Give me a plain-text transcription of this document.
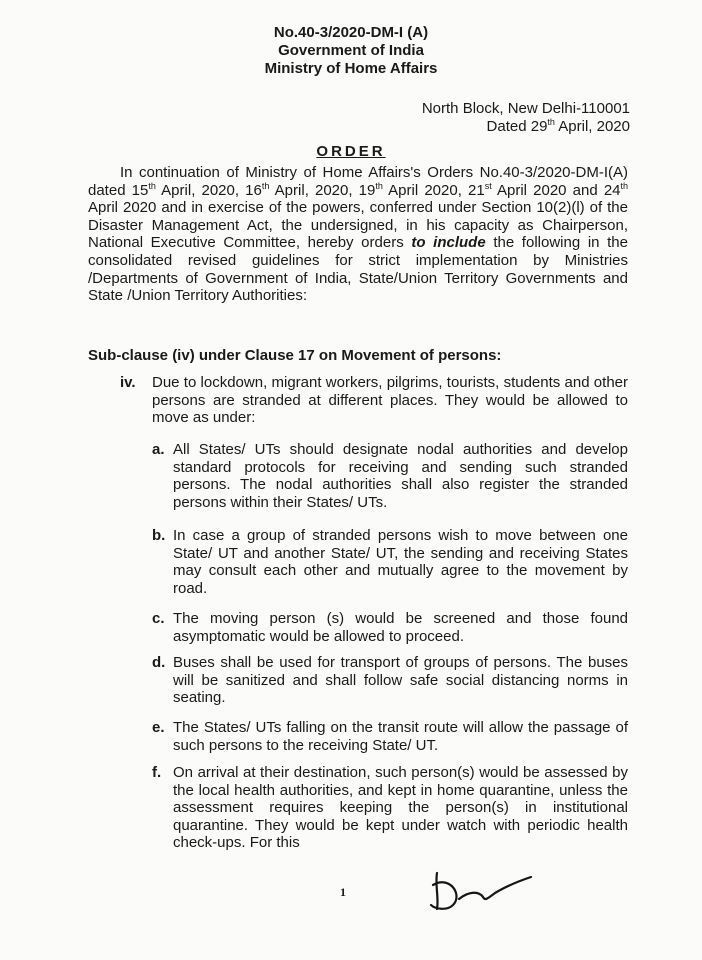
No.40-3/2020-DM-I (A)
Government of India
Ministry of Home Affairs
North Block, New Delhi-110001
Dated 29th April, 2020
ORDER
In continuation of Ministry of Home Affairs's Orders No.40-3/2020-DM-I(A) dated 15th April, 2020, 16th April, 2020, 19th April 2020, 21st April 2020 and 24th April 2020 and in exercise of the powers, conferred under Section 10(2)(l) of the Disaster Management Act, the undersigned, in his capacity as Chairperson, National Executive Committee, hereby orders to include the following in the consolidated revised guidelines for strict implementation by Ministries /Departments of Government of India, State/Union Territory Governments and State /Union Territory Authorities:
Sub-clause (iv) under Clause 17 on Movement of persons:
iv. Due to lockdown, migrant workers, pilgrims, tourists, students and other persons are stranded at different places. They would be allowed to move as under:
a. All States/ UTs should designate nodal authorities and develop standard protocols for receiving and sending such stranded persons. The nodal authorities shall also register the stranded persons within their States/ UTs.
b. In case a group of stranded persons wish to move between one State/ UT and another State/ UT, the sending and receiving States may consult each other and mutually agree to the movement by road.
c. The moving person (s) would be screened and those found asymptomatic would be allowed to proceed.
d. Buses shall be used for transport of groups of persons. The buses will be sanitized and shall follow safe social distancing norms in seating.
e. The States/ UTs falling on the transit route will allow the passage of such persons to the receiving State/ UT.
f. On arrival at their destination, such person(s) would be assessed by the local health authorities, and kept in home quarantine, unless the assessment requires keeping the person(s) in institutional quarantine. They would be kept under watch with periodic health check-ups. For this
1
